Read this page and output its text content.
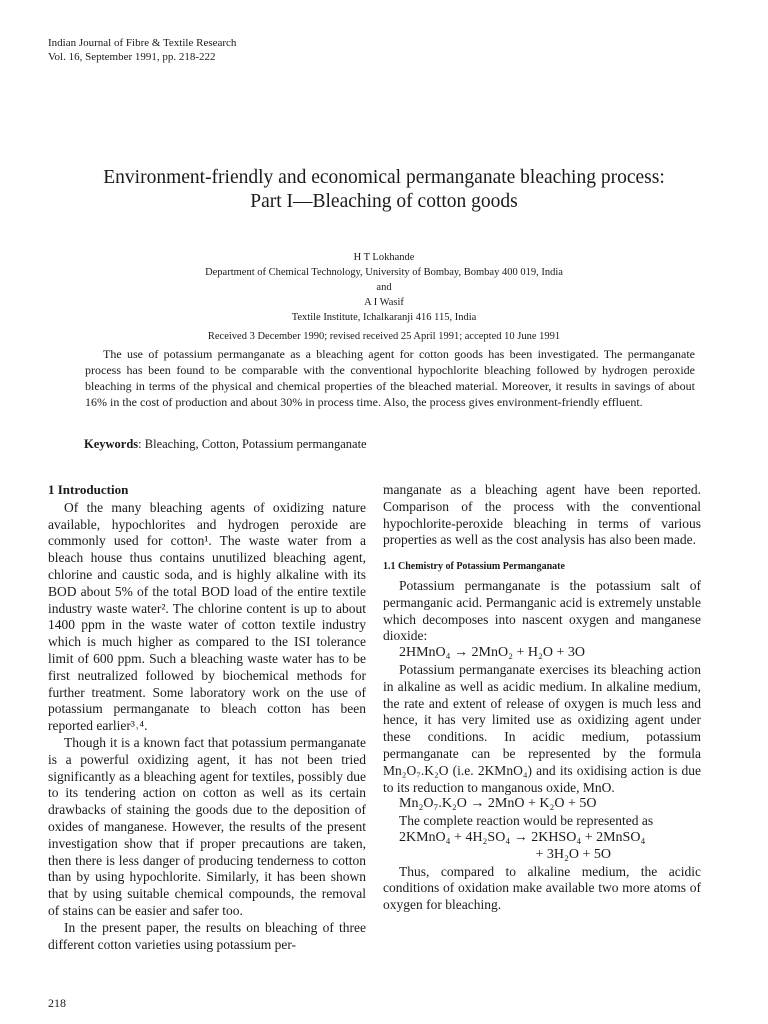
Indian Journal of Fibre & Textile Research
Vol. 16, September 1991, pp. 218-222
Environment-friendly and economical permanganate bleaching process:
Part I—Bleaching of cotton goods
H T Lokhande
Department of Chemical Technology, University of Bombay, Bombay 400 019, India
and
A I Wasif
Textile Institute, Ichalkaranji 416 115, India
Received 3 December 1990; revised received 25 April 1991; accepted 10 June 1991
The use of potassium permanganate as a bleaching agent for cotton goods has been investigated. The permanganate process has been found to be comparable with the conventional hypochlorite bleaching followed by hydrogen peroxide bleaching in terms of the physical and chemical properties of the bleached material. Moreover, it results in savings of about 16% in the cost of production and about 30% in process time. Also, the process gives environment-friendly effluent.
Keywords: Bleaching, Cotton, Potassium permanganate
1 Introduction

Of the many bleaching agents of oxidizing nature available, hypochlorites and hydrogen peroxide are commonly used for cotton¹. The waste water from a bleach house thus contains unutilized bleaching agent, chlorine and caustic soda, and is highly alkaline with its BOD about 5% of the total BOD load of the entire textile industry waste water². The chlorine content is up to about 1400 ppm in the waste water of cotton textile industry which is much higher as compared to the ISI tolerance limit of 600 ppm. Such a bleaching waste water has to be first neutralized followed by biochemical methods for further treatment. Some laboratory work on the use of potassium permanganate to bleach cotton has been reported earlier³˒⁴.

Though it is a known fact that potassium permanganate is a powerful oxidizing agent, it has not been tried significantly as a bleaching agent for textiles, possibly due to its tendering action on cotton as well as its certain drawbacks of staining the goods due to the deposition of oxides of manganese. However, the results of the present investigation show that if proper precautions are taken, then there is less danger of producing tenderness to cotton than by using hypochlorite. Similarly, it has been shown that by using suitable chemical compounds, the removal of stains can be easier and safer too.

In the present paper, the results on bleaching of three different cotton varieties using potassium per-

manganate as a bleaching agent have been reported. Comparison of the process with the conventional hypochlorite-peroxide bleaching in terms of various properties as well as the cost analysis has also been made.

1.1 Chemistry of Potassium Permanganate

Potassium permanganate is the potassium salt of permanganic acid. Permanganic acid is extremely unstable which decomposes into nascent oxygen and manganese dioxide:

2HMnO₄ → 2MnO₂ + H₂O + 3O

Potassium permanganate exercises its bleaching action in alkaline as well as acidic medium. In alkaline medium, the rate and extent of release of oxygen is much less and hence, it has very limited use as oxidizing agent under these conditions. In acidic medium, potassium permanganate can be represented by the formula Mn₂O₇.K₂O (i.e. 2KMnO₄) and its oxidising action is due to its reduction to manganous oxide, MnO.

Mn₂O₇.K₂O → 2MnO + K₂O + 5O

The complete reaction would be represented as

2KMnO₄ + 4H₂SO₄ → 2KHSO₄ + 2MnSO₄

+ 3H₂O + 5O

Thus, compared to alkaline medium, the acidic conditions of oxidation make available two more atoms of oxygen for bleaching.

218
